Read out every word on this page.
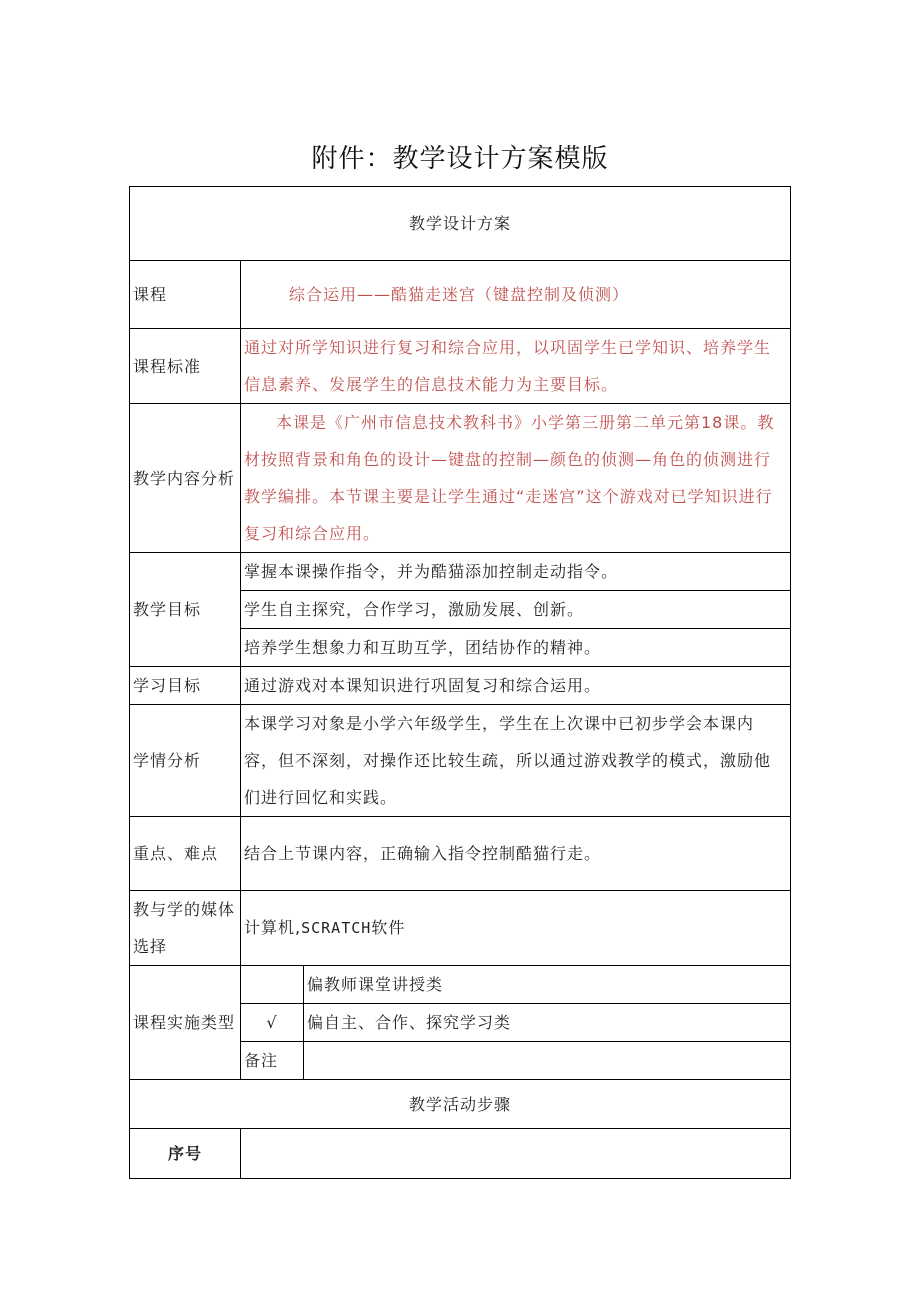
附件：教学设计方案模版
教学设计方案		
课程	综合运用——酷猫走迷宫（键盘控制及侦测）	
课程标准	通过对所学知识进行复习和综合应用，以巩固学生已学知识、培养学生信息素养、发展学生的信息技术能力为主要目标。	
教学内容分析	本课是《广州市信息技术教科书》小学第三册第二单元第18课。教材按照背景和角色的设计—键盘的控制—颜色的侦测—角色的侦测进行教学编排。本节课主要是让学生通过“走迷宫”这个游戏对已学知识进行复习和综合应用。	
教学目标	掌握本课操作指令，并为酷猫添加控制走动指令。	
	学生自主探究，合作学习，激励发展、创新。	
	培养学生想象力和互助互学，团结协作的精神。	
学习目标	通过游戏对本课知识进行巩固复习和综合运用。	
学情分析	本课学习对象是小学六年级学生，学生在上次课中已初步学会本课内容，但不深刻，对操作还比较生疏，所以通过游戏教学的模式，激励他们进行回忆和实践。	
重点、难点	结合上节课内容，正确输入指令控制酷猫行走。	
教与学的媒体选择	计算机,SCRATCH软件	
课程实施类型		偏教师课堂讲授类
	√	偏自主、合作、探究学习类
	备注	
教学活动步骤		
序号		
